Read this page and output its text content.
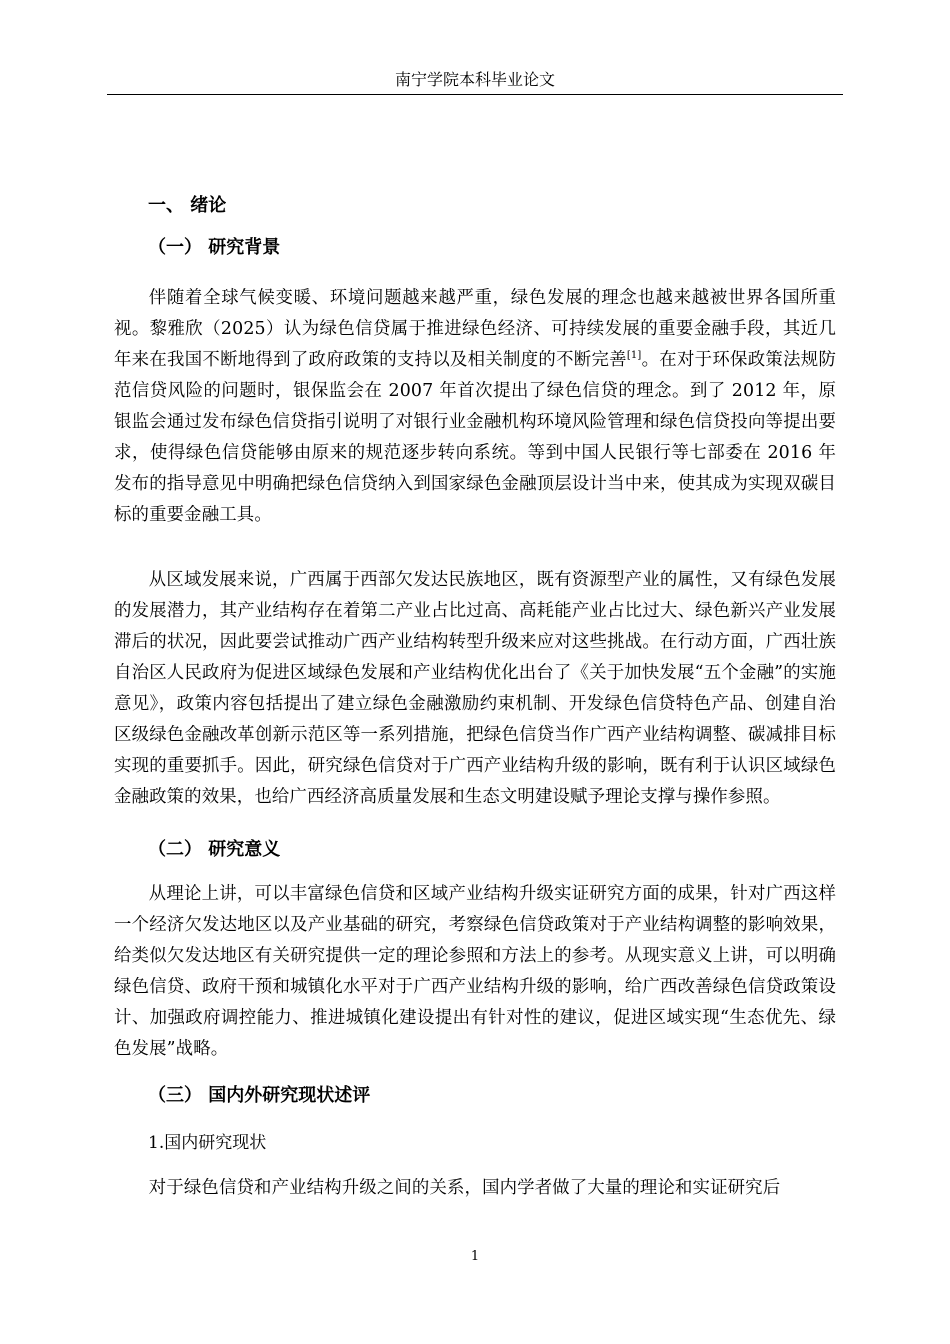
南宁学院本科毕业论文
一、 绪论
（一） 研究背景
伴随着全球气候变暖、环境问题越来越严重，绿色发展的理念也越来越被世界各国所重视。黎雅欣（2025）认为绿色信贷属于推进绿色经济、可持续发展的重要金融手段，其近几年来在我国不断地得到了政府政策的支持以及相关制度的不断完善[1]。在对于环保政策法规防范信贷风险的问题时，银保监会在 2007 年首次提出了绿色信贷的理念。到了 2012 年，原银监会通过发布绿色信贷指引说明了对银行业金融机构环境风险管理和绿色信贷投向等提出要求，使得绿色信贷能够由原来的规范逐步转向系统。等到中国人民银行等七部委在 2016 年发布的指导意见中明确把绿色信贷纳入到国家绿色金融顶层设计当中来，使其成为实现双碳目标的重要金融工具。
从区域发展来说，广西属于西部欠发达民族地区，既有资源型产业的属性，又有绿色发展的发展潜力，其产业结构存在着第二产业占比过高、高耗能产业占比过大、绿色新兴产业发展滞后的状况，因此要尝试推动广西产业结构转型升级来应对这些挑战。在行动方面，广西壮族自治区人民政府为促进区域绿色发展和产业结构优化出台了《关于加快发展“五个金融”的实施意见》，政策内容包括提出了建立绿色金融激励约束机制、开发绿色信贷特色产品、创建自治区级绿色金融改革创新示范区等一系列措施，把绿色信贷当作广西产业结构调整、碳减排目标实现的重要抓手。因此，研究绿色信贷对于广西产业结构升级的影响，既有利于认识区域绿色金融政策的效果，也给广西经济高质量发展和生态文明建设赋予理论支撑与操作参照。
（二） 研究意义
从理论上讲，可以丰富绿色信贷和区域产业结构升级实证研究方面的成果，针对广西这样一个经济欠发达地区以及产业基础的研究，考察绿色信贷政策对于产业结构调整的影响效果，给类似欠发达地区有关研究提供一定的理论参照和方法上的参考。从现实意义上讲，可以明确绿色信贷、政府干预和城镇化水平对于广西产业结构升级的影响，给广西改善绿色信贷政策设计、加强政府调控能力、推进城镇化建设提出有针对性的建议，促进区域实现“生态优先、绿色发展”战略。
（三） 国内外研究现状述评
1.国内研究现状
对于绿色信贷和产业结构升级之间的关系，国内学者做了大量的理论和实证研究后
1
